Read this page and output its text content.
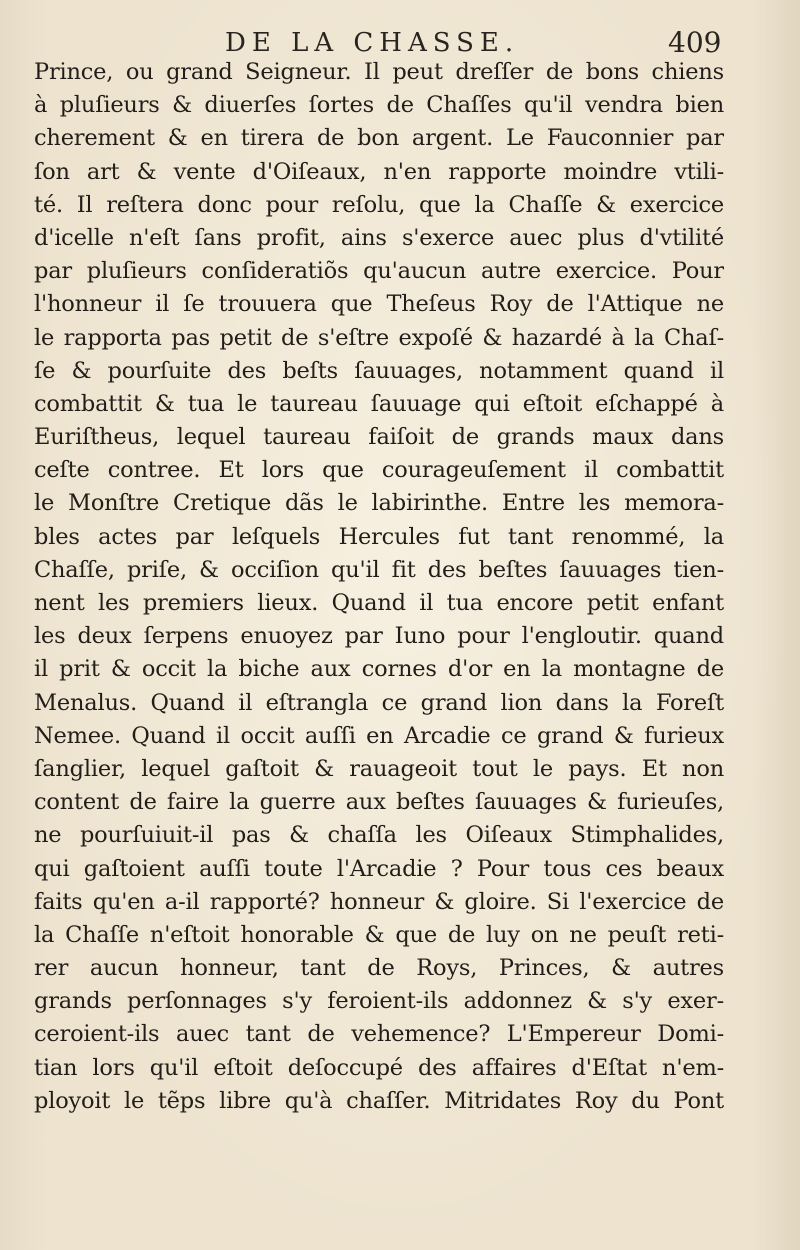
DE LA CHASSE.	409
Prince, ou grand Seigneur. Il peut dreſſer de bons chiens
à pluſieurs & diuerſes ſortes de Chaſſes qu'il vendra bien
cherement & en tirera de bon argent. Le Fauconnier par
ſon art & vente d'Oiſeaux, n'en rapporte moindre vtili-
té. Il reſtera donc pour reſolu, que la Chaſſe & exercice
d'icelle n'eſt ſans profit, ains s'exerce auec plus d'vtilité
par pluſieurs conſideratiõs qu'aucun autre exercice. Pour
l'honneur il ſe trouuera que Theſeus Roy de l'Attique ne
le rapporta pas petit de s'eſtre expoſé & hazardé à la Chaſ-
ſe & pourſuite des beſts ſauuages, notamment quand il
combattit & tua le taureau ſauuage qui eſtoit eſchappé à
Euriſtheus, lequel taureau faiſoit de grands maux dans
ceſte contree. Et lors que courageuſement il combattit
le Monſtre Cretique dãs le labirinthe. Entre les memora-
bles actes par leſquels Hercules fut tant renommé, la
Chaſſe, priſe, & occiſion qu'il fit des beſtes ſauuages tien-
nent les premiers lieux. Quand il tua encore petit enfant
les deux ſerpens enuoyez par Iuno pour l'engloutir. quand
il prit & occit la biche aux cornes d'or en la montagne de
Menalus. Quand il eſtrangla ce grand lion dans la Foreſt
Nemee. Quand il occit auſſi en Arcadie ce grand & furieux
ſanglier, lequel gaſtoit & rauageoit tout le pays. Et non
content de faire la guerre aux beſtes ſauuages & furieuſes,
ne pourſuiuit-il pas & chaſſa les Oiſeaux Stimphalides,
qui gaſtoient auſſi toute l'Arcadie ? Pour tous ces beaux
faits qu'en a-il rapporté? honneur & gloire. Si l'exercice de
la Chaſſe n'eſtoit honorable & que de luy on ne peuſt reti-
rer aucun honneur, tant de Roys, Princes, & autres
grands perſonnages s'y feroient-ils addonnez & s'y exer-
ceroient-ils auec tant de vehemence? L'Empereur Domi-
tian lors qu'il eſtoit deſoccupé des affaires d'Eſtat n'em-
ployoit le tẽps libre qu'à chaſſer. Mitridates Roy du Pont
